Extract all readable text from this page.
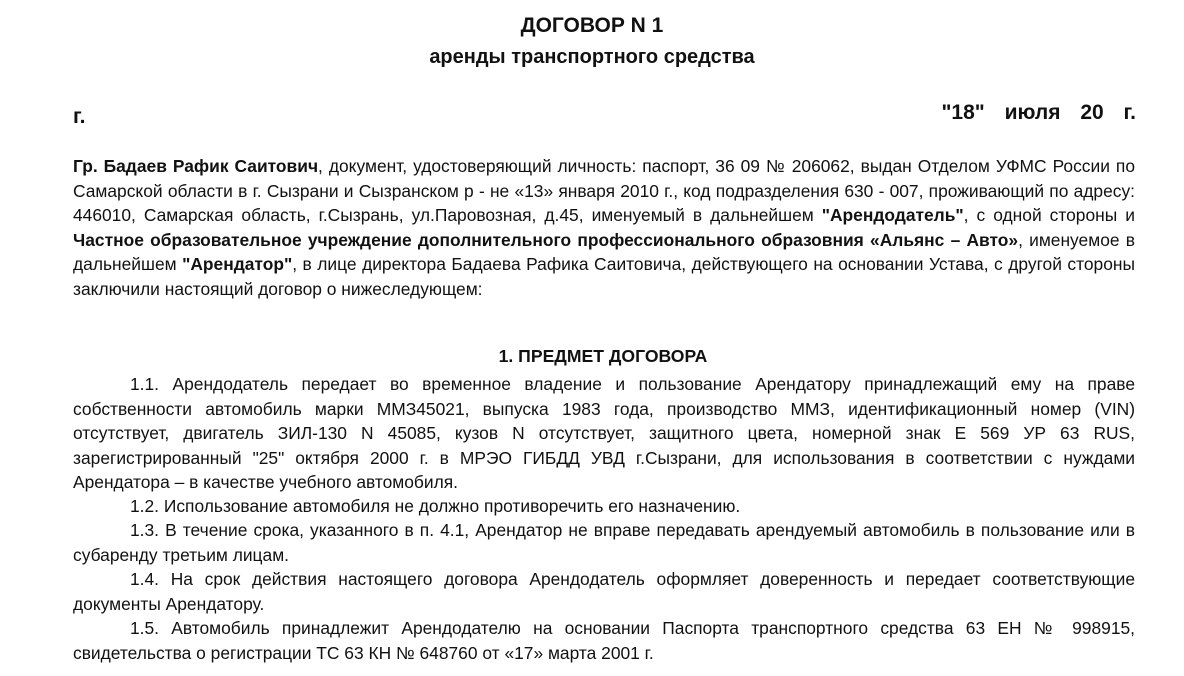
ДОГОВОР N 1
аренды транспортного средства
г.	"18" июля 20 г.
Гр. Бадаев Рафик Саитович, документ, удостоверяющий личность: паспорт, 36 09 № 206062, выдан Отделом УФМС России по Самарской области в г. Сызрани и Сызранском р - не «13» января 2010 г., код подразделения 630 - 007, проживающий по адресу: 446010, Самарская область, г.Сызрань, ул.Паровозная, д.45, именуемый в дальнейшем "Арендодатель", с одной стороны и Частное образовательное учреждение дополнительного профессионального образовния «Альянс – Авто», именуемое в дальнейшем "Арендатор", в лице директора Бадаева Рафика Саитовича, действующего на основании Устава, с другой стороны заключили настоящий договор о нижеследующем:
1. ПРЕДМЕТ ДОГОВОРА
1.1. Арендодатель передает во временное владение и пользование Арендатору принадлежащий ему на праве собственности автомобиль марки ММЗ45021, выпуска 1983 года, производство ММЗ, идентификационный номер (VIN) отсутствует, двигатель ЗИЛ-130 N 45085, кузов N отсутствует, защитного цвета, номерной знак Е 569 УР 63 RUS, зарегистрированный "25" октября 2000 г. в МРЭО ГИБДД УВД г.Сызрани, для использования в соответствии с нуждами Арендатора – в качестве учебного автомобиля.
1.2. Использование автомобиля не должно противоречить его назначению.
1.3. В течение срока, указанного в п. 4.1, Арендатор не вправе передавать арендуемый автомобиль в пользование или в субаренду третьим лицам.
1.4. На срок действия настоящего договора Арендодатель оформляет доверенность и передает соответствующие документы Арендатору.
1.5. Автомобиль принадлежит Арендодателю на основании Паспорта транспортного средства 63 ЕН № 998915, свидетельства о регистрации ТС 63 КН № 648760 от «17» марта 2001 г.
